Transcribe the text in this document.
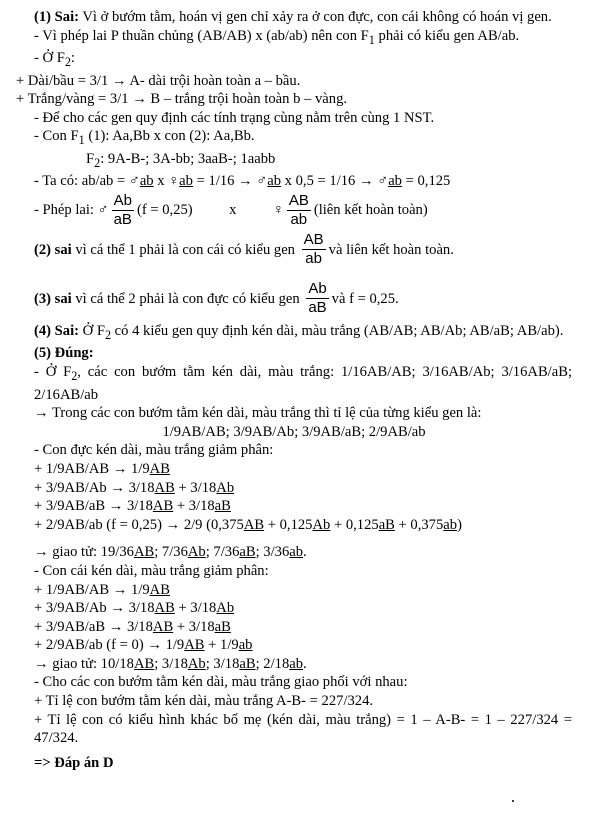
(1) Sai: Vì ở bướm tằm, hoán vị gen chỉ xảy ra ở con đực, con cái không có hoán vị gen.

- Vì phép lai P thuần chủng (AB/AB) x (ab/ab) nên con $F_1$ phải có kiểu gen AB/ab.

- Ở $F_2$:

+ Dài/bầu = 3/1 → A- dài trội hoàn toàn a – bầu.

+ Trắng/vàng = 3/1 → B – trắng trội hoàn toàn b – vàng.

- Để cho các gen quy định các tính trạng cùng nằm trên cùng 1 NST.

- Con $F_1$ (1): Aa,Bb x con (2): Aa,Bb.

$F_2$: 9A-B-; 3A-bb; 3aaB-; 1aabb

- Ta có: ab/ab = ♂ab x ♀ab = 1/16 → ♂ab x 0,5 = 1/16 → ♂ab = 0,125

- Phép lai: ♂ $\frac{Ab}{aB} (f = 0,25)$          x          ♀ $\frac{AB}{ab}$ (liên kết hoàn toàn)
(2) sai vì cá thể 1 phải là con cái có kiểu gen $\frac{AB}{ab}$ và liên kết hoàn toàn.
(3) sai vì cá thể 2 phải là con đực có kiểu gen $\frac{Ab}{aB}$ và f = 0,25.

(4) Sai: Ở $F_2$ có 4 kiểu gen quy định kén dài, màu trắng (AB/AB; AB/Ab; AB/aB; AB/ab).

(5) Đúng:

- Ở $F_2$, các con bướm tằm kén dài, màu trắng: 1/16AB/AB; 3/16AB/Ab; 3/16AB/aB; 2/16AB/ab

→ Trong các con bướm tằm kén dài, màu trắng thì tỉ lệ của từng kiểu gen là:

1/9AB/AB; 3/9AB/Ab; 3/9AB/aB; 2/9AB/ab

- Con đực kén dài, màu trắng giảm phân:

+ 1/9AB/AB → 1/9AB

+ 3/9AB/Ab → 3/18AB + 3/18Ab

+ 3/9AB/aB → 3/18AB + 3/18aB

+ 2/9AB/ab (f = 0,25) → 2/9 (0,375AB + 0,125Ab + 0,125aB + 0,375ab)

→ giao tử: 19/36AB; 7/36Ab; 7/36aB; 3/36ab.

- Con cái kén dài, màu trắng giảm phân:

+ 1/9AB/AB → 1/9AB

+ 3/9AB/Ab → 3/18AB + 3/18Ab

+ 3/9AB/aB → 3/18AB + 3/18aB

+ 2/9AB/ab (f = 0) → 1/9AB + 1/9ab

→ giao tử: 10/18AB; 3/18Ab; 3/18aB; 2/18ab.

- Cho các con bướm tằm kén dài, màu trắng giao phối với nhau:

+ Tỉ lệ con bướm tằm kén dài, màu trắng A-B- = 227/324.

+ Tỉ lệ con có kiểu hình khác bố mẹ (kén dài, màu trắng) = 1 – A-B- = 1 – 227/324 = 47/324.

=> Đáp án D
